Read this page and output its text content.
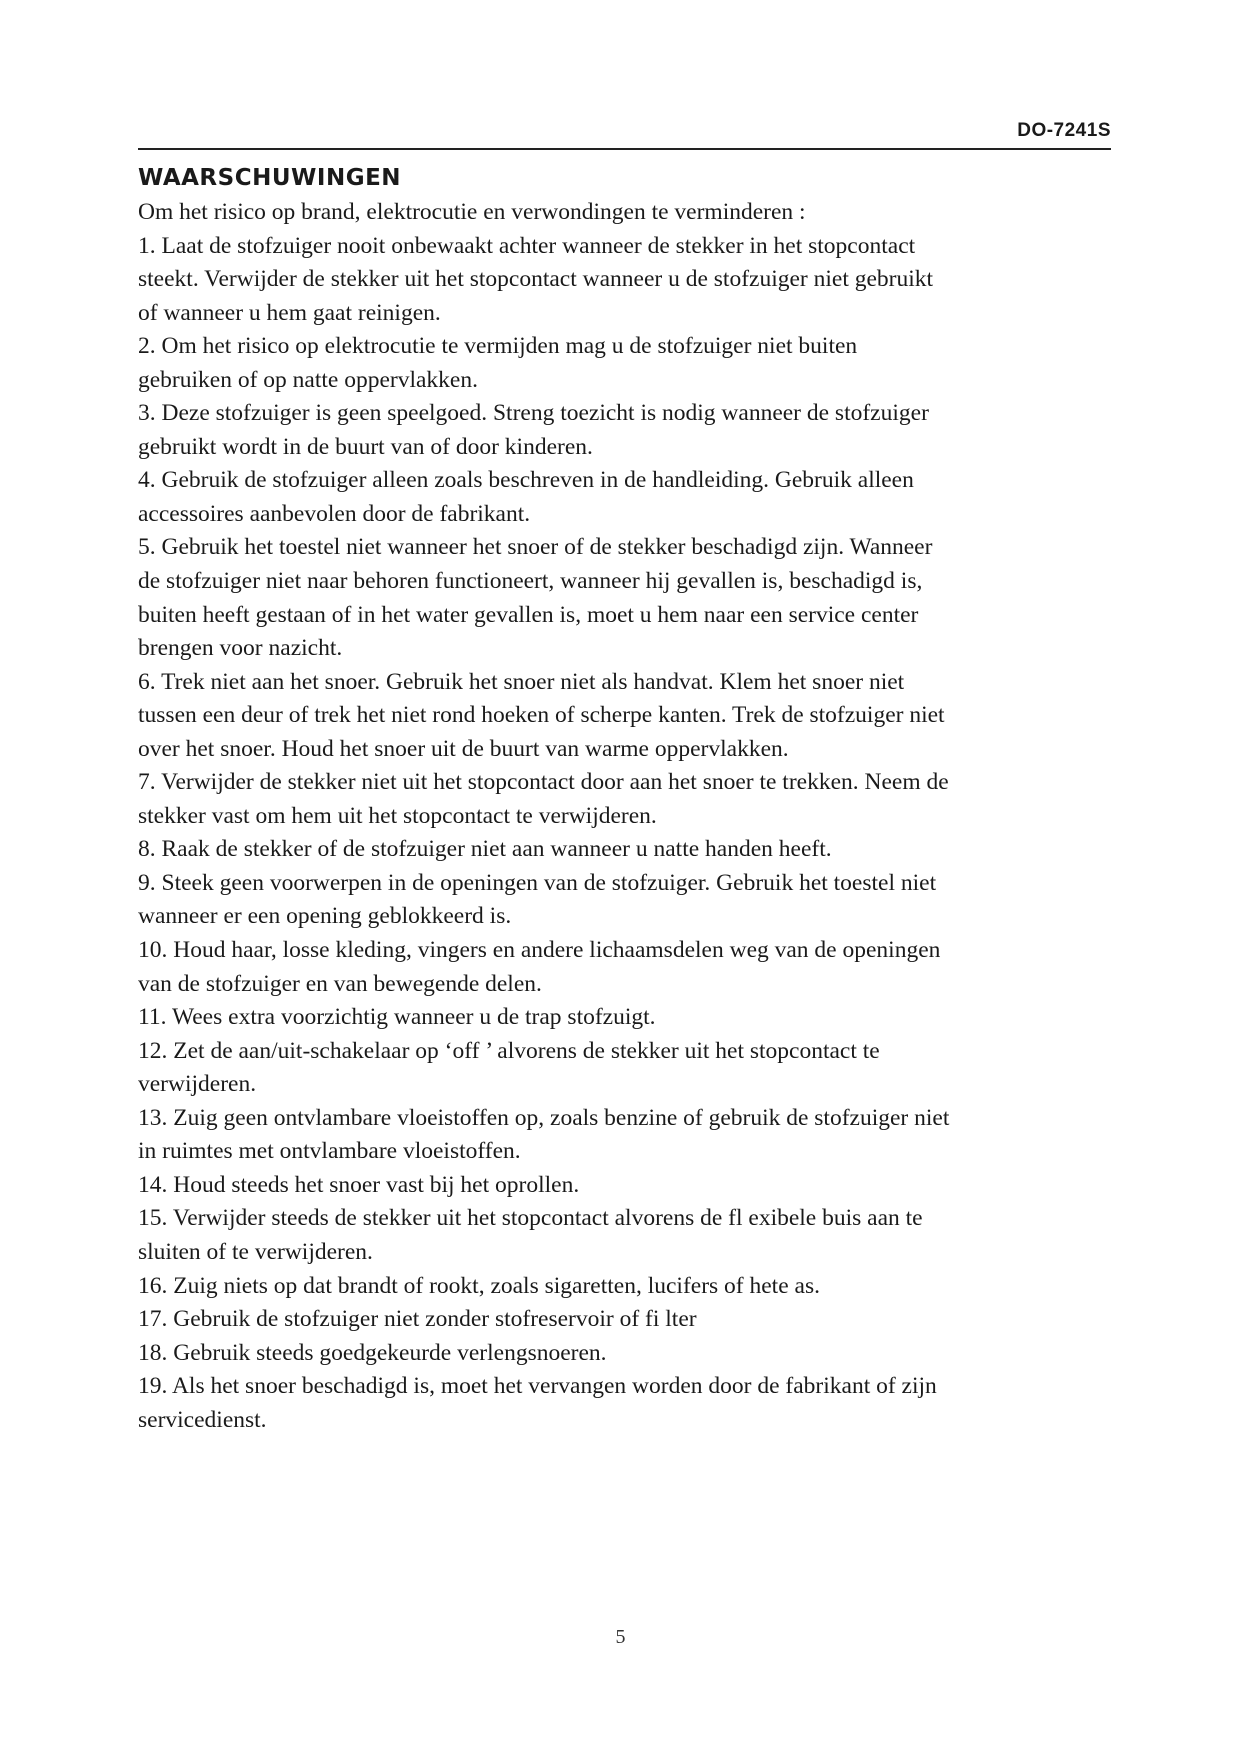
DO-7241S
WAARSCHUWINGEN

Om het risico op brand, elektrocutie en verwondingen te verminderen :

1. Laat de stofzuiger nooit onbewaakt achter wanneer de stekker in het stopcontact

steekt. Verwijder de stekker uit het stopcontact wanneer u de stofzuiger niet gebruikt

of wanneer u hem gaat reinigen.

2. Om het risico op elektrocutie te vermijden mag u de stofzuiger niet buiten

gebruiken of op natte oppervlakken.

3. Deze stofzuiger is geen speelgoed. Streng toezicht is nodig wanneer de stofzuiger

gebruikt wordt in de buurt van of door kinderen.

4. Gebruik de stofzuiger alleen zoals beschreven in de handleiding. Gebruik alleen

accessoires aanbevolen door de fabrikant.

5. Gebruik het toestel niet wanneer het snoer of de stekker beschadigd zijn. Wanneer

de stofzuiger niet naar behoren functioneert, wanneer hij gevallen is, beschadigd is,

buiten heeft gestaan of in het water gevallen is, moet u hem naar een service center

brengen voor nazicht.

6. Trek niet aan het snoer. Gebruik het snoer niet als handvat. Klem het snoer niet

tussen een deur of trek het niet rond hoeken of scherpe kanten. Trek de stofzuiger niet

over het snoer. Houd het snoer uit de buurt van warme oppervlakken.

7. Verwijder de stekker niet uit het stopcontact door aan het snoer te trekken. Neem de

stekker vast om hem uit het stopcontact te verwijderen.

8. Raak de stekker of de stofzuiger niet aan wanneer u natte handen heeft.

9. Steek geen voorwerpen in de openingen van de stofzuiger. Gebruik het toestel niet

wanneer er een opening geblokkeerd is.

10. Houd haar, losse kleding, vingers en andere lichaamsdelen weg van de openingen

van de stofzuiger en van bewegende delen.

11. Wees extra voorzichtig wanneer u de trap stofzuigt.

12. Zet de aan/uit-schakelaar op ‘off ’ alvorens de stekker uit het stopcontact te

verwijderen.

13. Zuig geen ontvlambare vloeistoffen op, zoals benzine of gebruik de stofzuiger niet

in ruimtes met ontvlambare vloeistoffen.

14. Houd steeds het snoer vast bij het oprollen.

15. Verwijder steeds de stekker uit het stopcontact alvorens de fl exibele buis aan te

sluiten of te verwijderen.

16. Zuig niets op dat brandt of rookt, zoals sigaretten, lucifers of hete as.

17. Gebruik de stofzuiger niet zonder stofreservoir of fi lter

18. Gebruik steeds goedgekeurde verlengsnoeren.

19. Als het snoer beschadigd is, moet het vervangen worden door de fabrikant of zijn

servicedienst.

5
